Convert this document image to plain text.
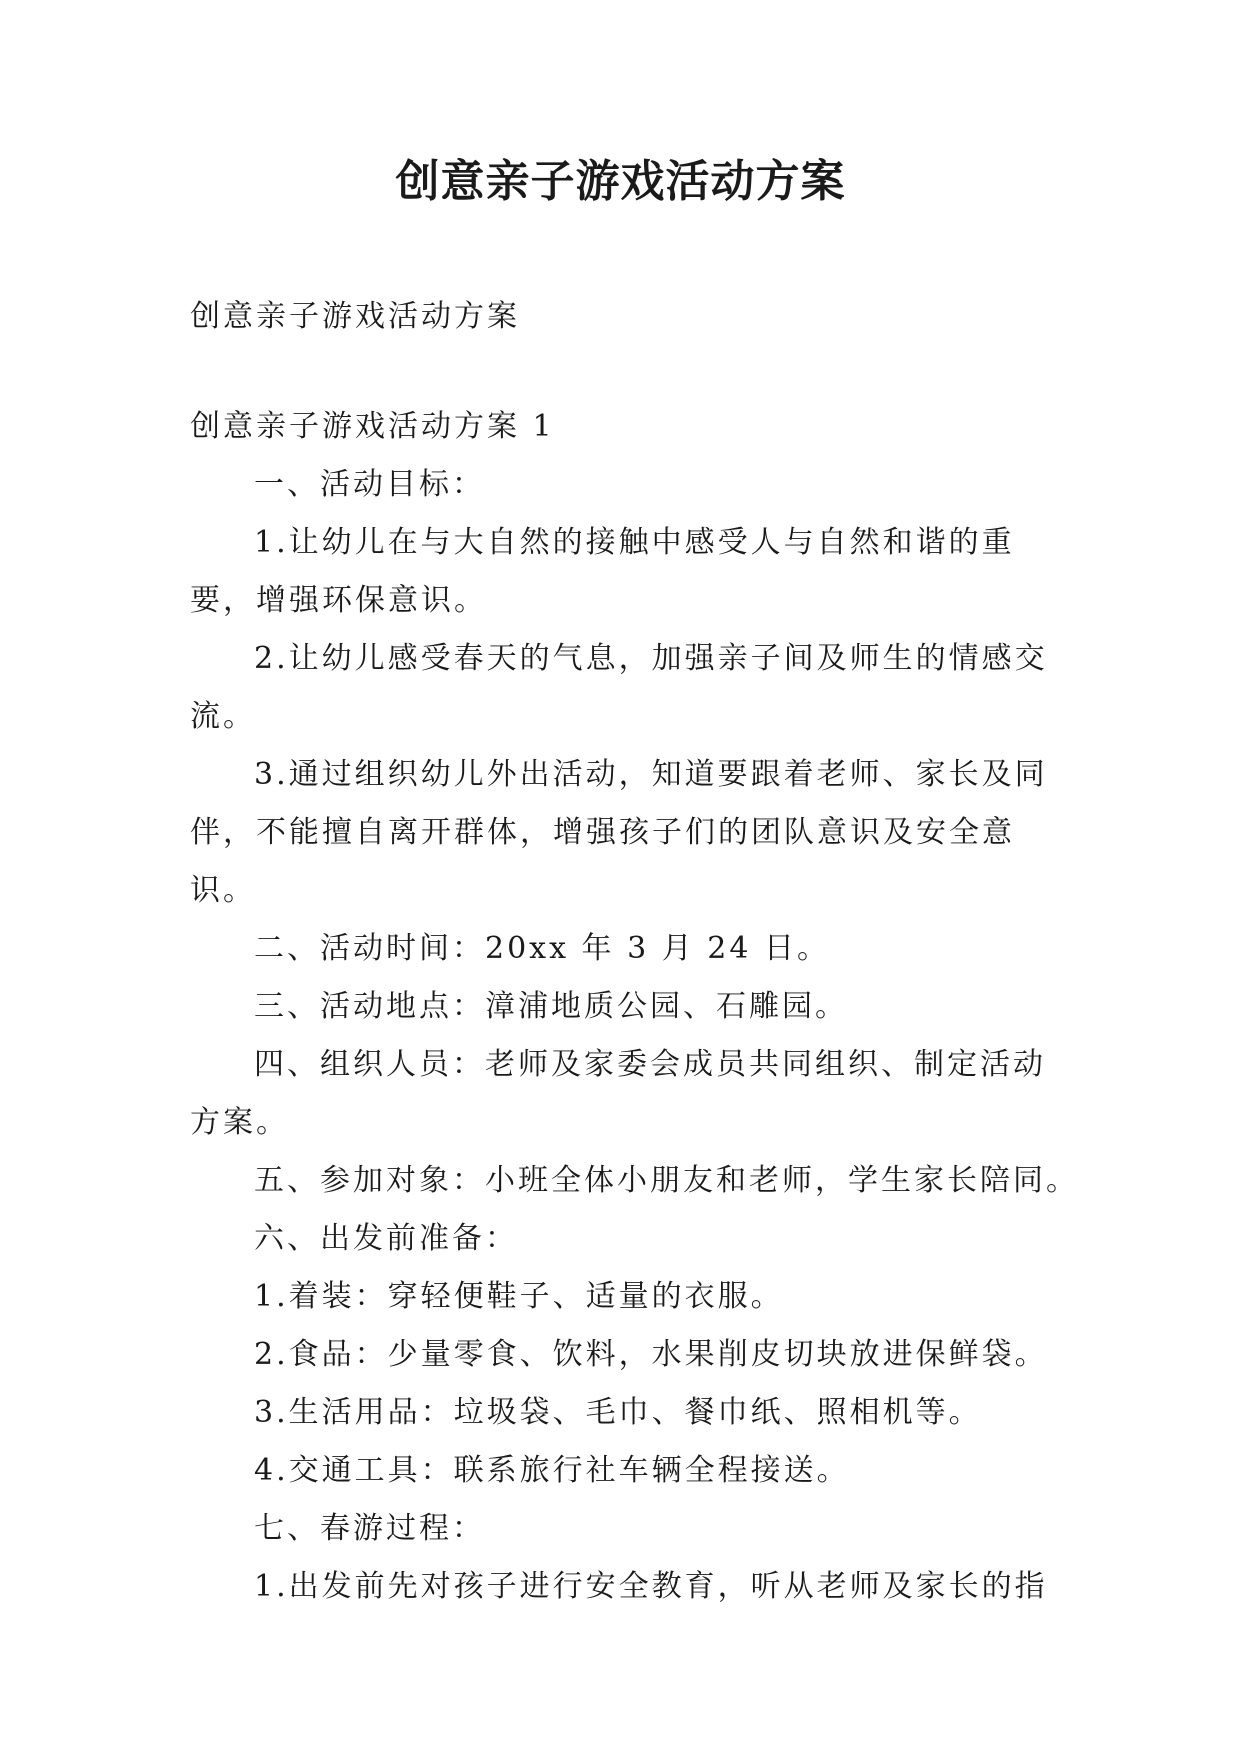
创意亲子游戏活动方案

创意亲子游戏活动方案

创意亲子游戏活动方案 1

一、活动目标：

1.让幼儿在与大自然的接触中感受人与自然和谐的重要，增强环保意识。

2.让幼儿感受春天的气息，加强亲子间及师生的情感交流。

3.通过组织幼儿外出活动，知道要跟着老师、家长及同伴，不能擅自离开群体，增强孩子们的团队意识及安全意识。

二、活动时间：20xx 年 3 月 24 日。

三、活动地点：漳浦地质公园、石雕园。

四、组织人员：老师及家委会成员共同组织、制定活动方案。

五、参加对象：小班全体小朋友和老师，学生家长陪同。

六、出发前准备：

1.着装：穿轻便鞋子、适量的衣服。

2.食品：少量零食、饮料，水果削皮切块放进保鲜袋。

3.生活用品：垃圾袋、毛巾、餐巾纸、照相机等。

4.交通工具：联系旅行社车辆全程接送。

七、春游过程：

1.出发前先对孩子进行安全教育，听从老师及家长的指
